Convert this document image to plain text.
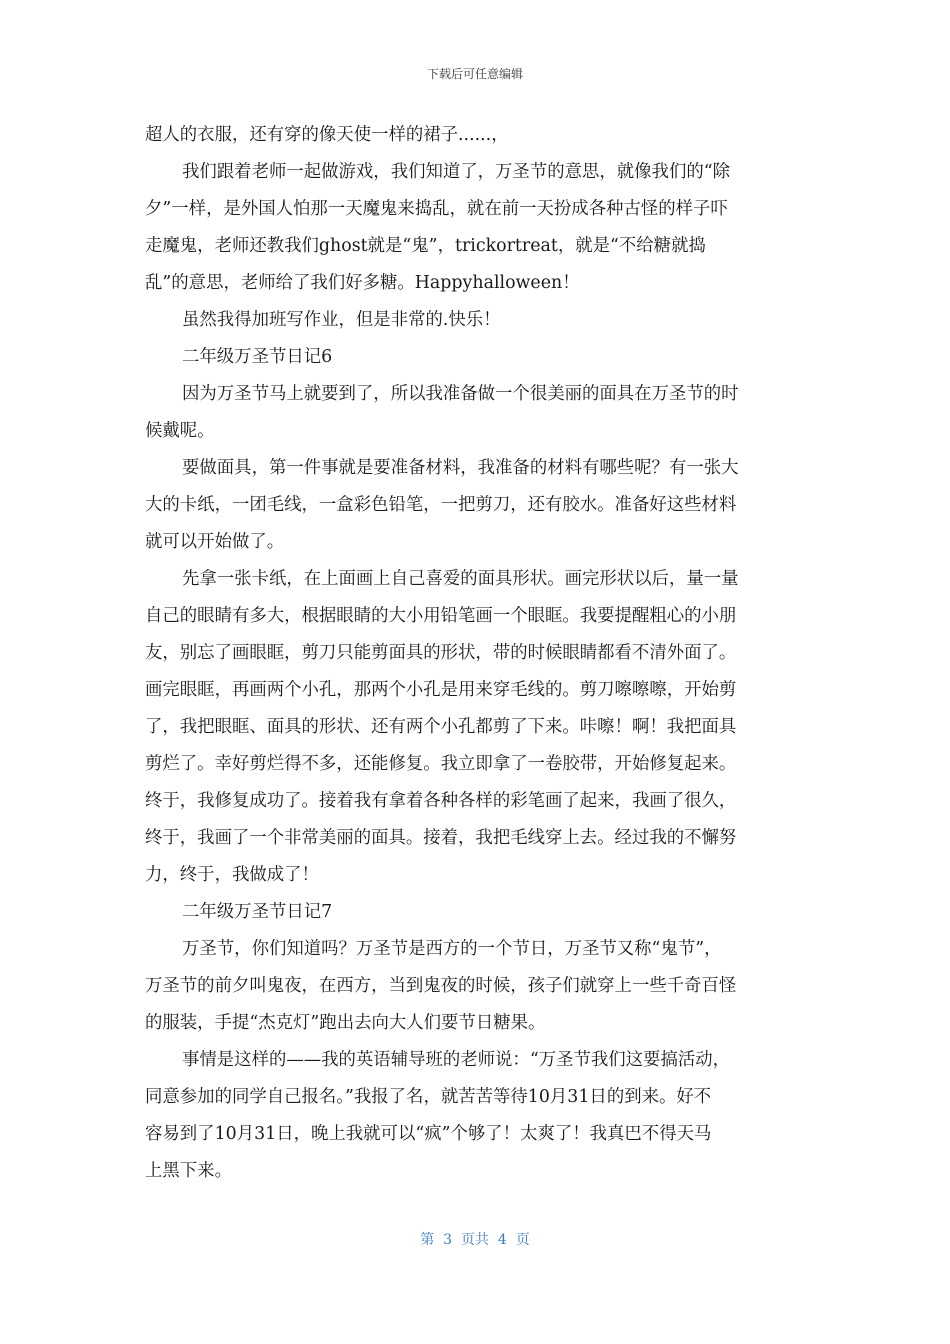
下载后可任意编辑
超人的衣服，还有穿的像天使一样的裙子......，
我们跟着老师一起做游戏，我们知道了，万圣节的意思，就像我们的“除
夕”一样，是外国人怕那一天魔鬼来捣乱，就在前一天扮成各种古怪的样子吓
走魔鬼，老师还教我们ghost就是“鬼”，trickortreat，就是“不给糖就捣
乱”的意思，老师给了我们好多糖。Happyhalloween！
虽然我得加班写作业，但是非常的.快乐！
二年级万圣节日记6
因为万圣节马上就要到了，所以我准备做一个很美丽的面具在万圣节的时
候戴呢。
要做面具，第一件事就是要准备材料，我准备的材料有哪些呢？有一张大
大的卡纸，一团毛线，一盒彩色铅笔，一把剪刀，还有胶水。准备好这些材料
就可以开始做了。
先拿一张卡纸，在上面画上自己喜爱的面具形状。画完形状以后，量一量
自己的眼睛有多大，根据眼睛的大小用铅笔画一个眼眶。我要提醒粗心的小朋
友，别忘了画眼眶，剪刀只能剪面具的形状，带的时候眼睛都看不清外面了。
画完眼眶，再画两个小孔，那两个小孔是用来穿毛线的。剪刀嚓嚓嚓，开始剪
了，我把眼眶、面具的形状、还有两个小孔都剪了下来。咔嚓！啊！我把面具
剪烂了。幸好剪烂得不多，还能修复。我立即拿了一卷胶带，开始修复起来。
终于，我修复成功了。接着我有拿着各种各样的彩笔画了起来，我画了很久，
终于，我画了一个非常美丽的面具。接着，我把毛线穿上去。经过我的不懈努
力，终于，我做成了！
二年级万圣节日记7
万圣节，你们知道吗？万圣节是西方的一个节日，万圣节又称“鬼节”，
万圣节的前夕叫鬼夜，在西方，当到鬼夜的时候，孩子们就穿上一些千奇百怪
的服装，手提“杰克灯”跑出去向大人们要节日糖果。
事情是这样的——我的英语辅导班的老师说：“万圣节我们这要搞活动，
同意参加的同学自己报名。”我报了名，就苦苦等待10月31日的到来。好不
容易到了10月31日，晚上我就可以“疯”个够了！太爽了！我真巴不得天马
上黑下来。
第  3  页共  4  页
